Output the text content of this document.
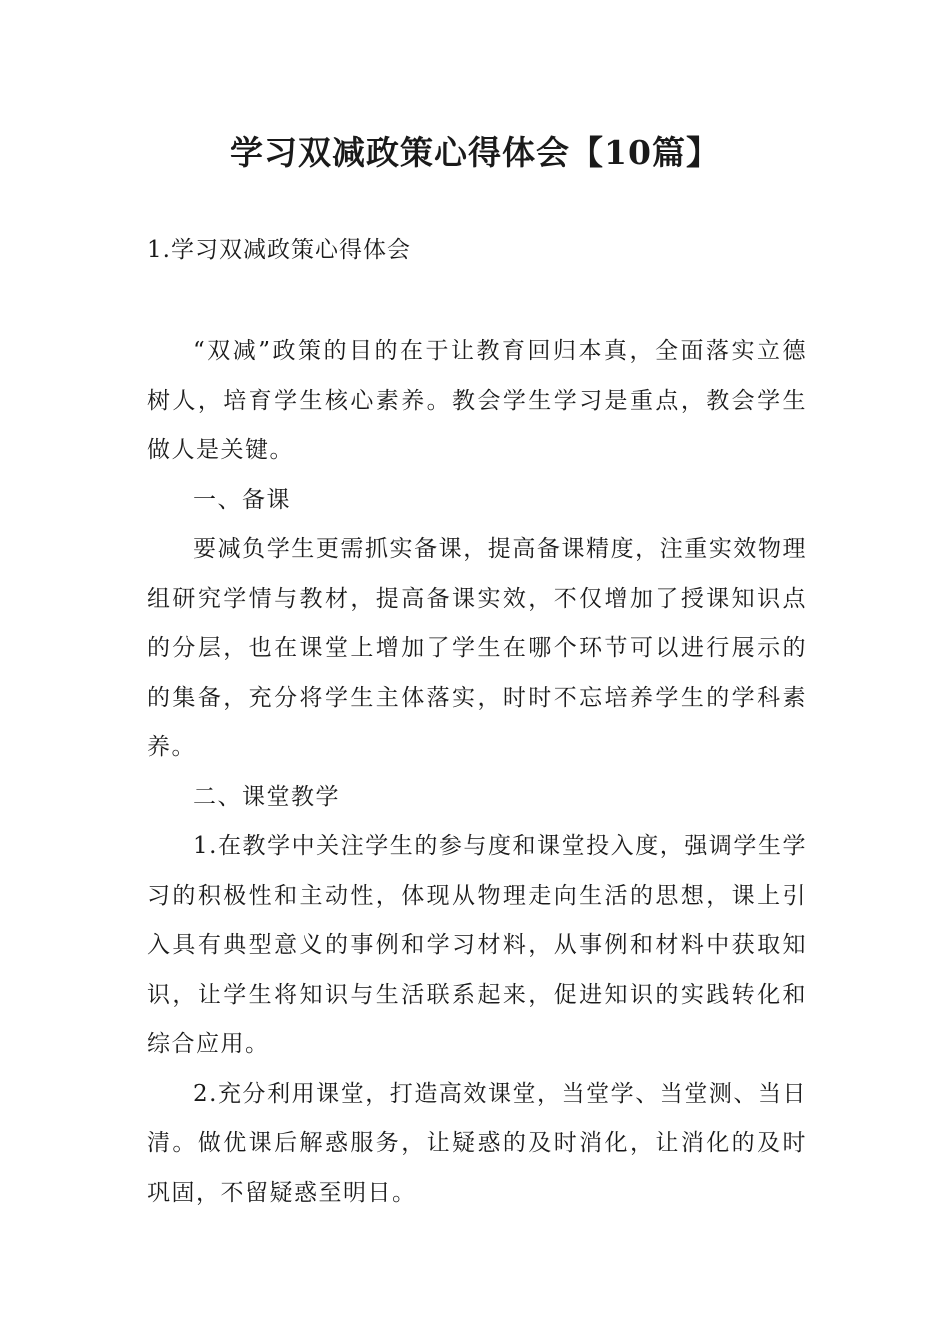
学习双减政策心得体会【10篇】
1.学习双减政策心得体会

“双减”政策的目的在于让教育回归本真，全面落实立德树人，培育学生核心素养。教会学生学习是重点，教会学生做人是关键。

一、备课

要减负学生更需抓实备课，提高备课精度，注重实效物理组研究学情与教材，提高备课实效，不仅增加了授课知识点的分层，也在课堂上增加了学生在哪个环节可以进行展示的的集备，充分将学生主体落实，时时不忘培养学生的学科素养。

二、课堂教学

1.在教学中关注学生的参与度和课堂投入度，强调学生学习的积极性和主动性，体现从物理走向生活的思想，课上引入具有典型意义的事例和学习材料，从事例和材料中获取知识，让学生将知识与生活联系起来，促进知识的实践转化和综合应用。

2.充分利用课堂，打造高效课堂，当堂学、当堂测、当日清。做优课后解惑服务，让疑惑的及时消化，让消化的及时巩固，不留疑惑至明日。
